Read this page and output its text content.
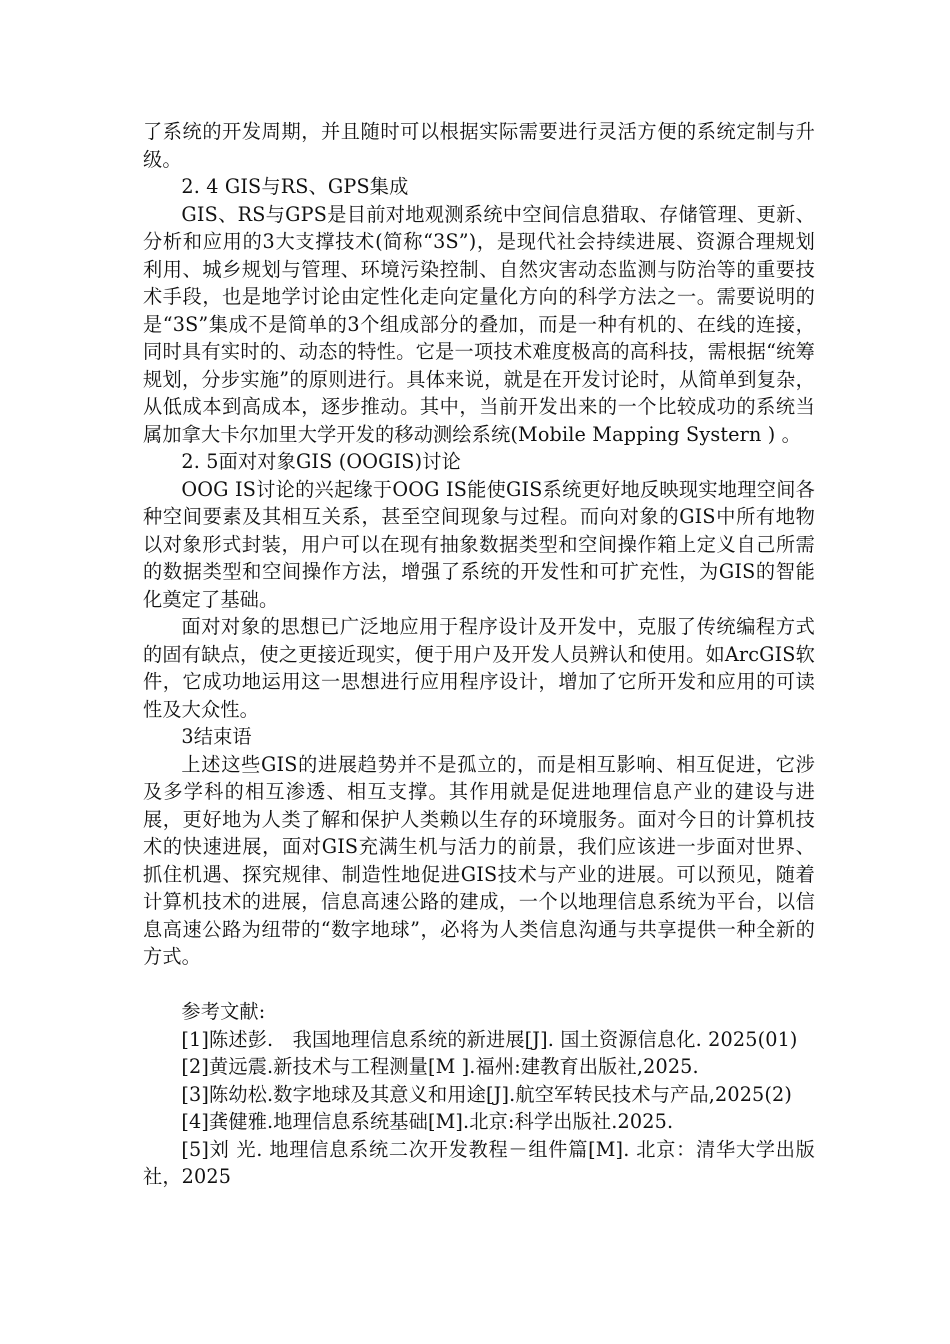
了系统的开发周期，并且随时可以根据实际需要进行灵活方便的系统定制与升级。

2. 4 GIS与RS、GPS集成

GIS、RS与GPS是目前对地观测系统中空间信息猎取、存储管理、更新、分析和应用的3大支撑技术(简称“3S”)，是现代社会持续进展、资源合理规划利用、城乡规划与管理、环境污染控制、自然灾害动态监测与防治等的重要技术手段，也是地学讨论由定性化走向定量化方向的科学方法之一。需要说明的是“3S”集成不是简单的3个组成部分的叠加，而是一种有机的、在线的连接，同时具有实时的、动态的特性。它是一项技术难度极高的高科技，需根据“统筹规划，分步实施”的原则进行。具体来说，就是在开发讨论时，从简单到复杂，从低成本到高成本，逐步推动。其中，当前开发出来的一个比较成功的系统当属加拿大卡尔加里大学开发的移动测绘系统(Mobile Mapping Systern ) 。

2. 5面对对象GIS (OOGIS)讨论

OOG IS讨论的兴起缘于OOG IS能使GIS系统更好地反映现实地理空间各种空间要素及其相互关系，甚至空间现象与过程。而向对象的GIS中所有地物以对象形式封装，用户可以在现有抽象数据类型和空间操作箱上定义自己所需的数据类型和空间操作方法，增强了系统的开发性和可扩充性，为GIS的智能化奠定了基础。

面对对象的思想已广泛地应用于程序设计及开发中，克服了传统编程方式的固有缺点，使之更接近现实，便于用户及开发人员辨认和使用。如ArcGIS软件，它成功地运用这一思想进行应用程序设计，增加了它所开发和应用的可读性及大众性。

3结束语

上述这些GIS的进展趋势并不是孤立的，而是相互影响、相互促进，它涉及多学科的相互渗透、相互支撑。其作用就是促进地理信息产业的建设与进展，更好地为人类了解和保护人类赖以生存的环境服务。面对今日的计算机技术的快速进展，面对GIS充满生机与活力的前景，我们应该进一步面对世界、抓住机遇、探究规律、制造性地促进GIS技术与产业的进展。可以预见，随着计算机技术的进展，信息高速公路的建成，一个以地理信息系统为平台，以信息高速公路为纽带的“数字地球”，必将为人类信息沟通与共享提供一种全新的方式。

参考文献:

[1]陈述彭.　我国地理信息系统的新进展[J]. 国土资源信息化. 2025(01)

[2]黄远震.新技术与工程测量[M ].福州:建教育出版社,2025.

[3]陈幼松.数字地球及其意义和用途[J].航空军转民技术与产品,2025(2)

[4]龚健雅.地理信息系统基础[M].北京:科学出版社.2025.

[5]刘 光. 地理信息系统二次开发教程－组件篇[M]. 北京：清华大学出版社，2025
